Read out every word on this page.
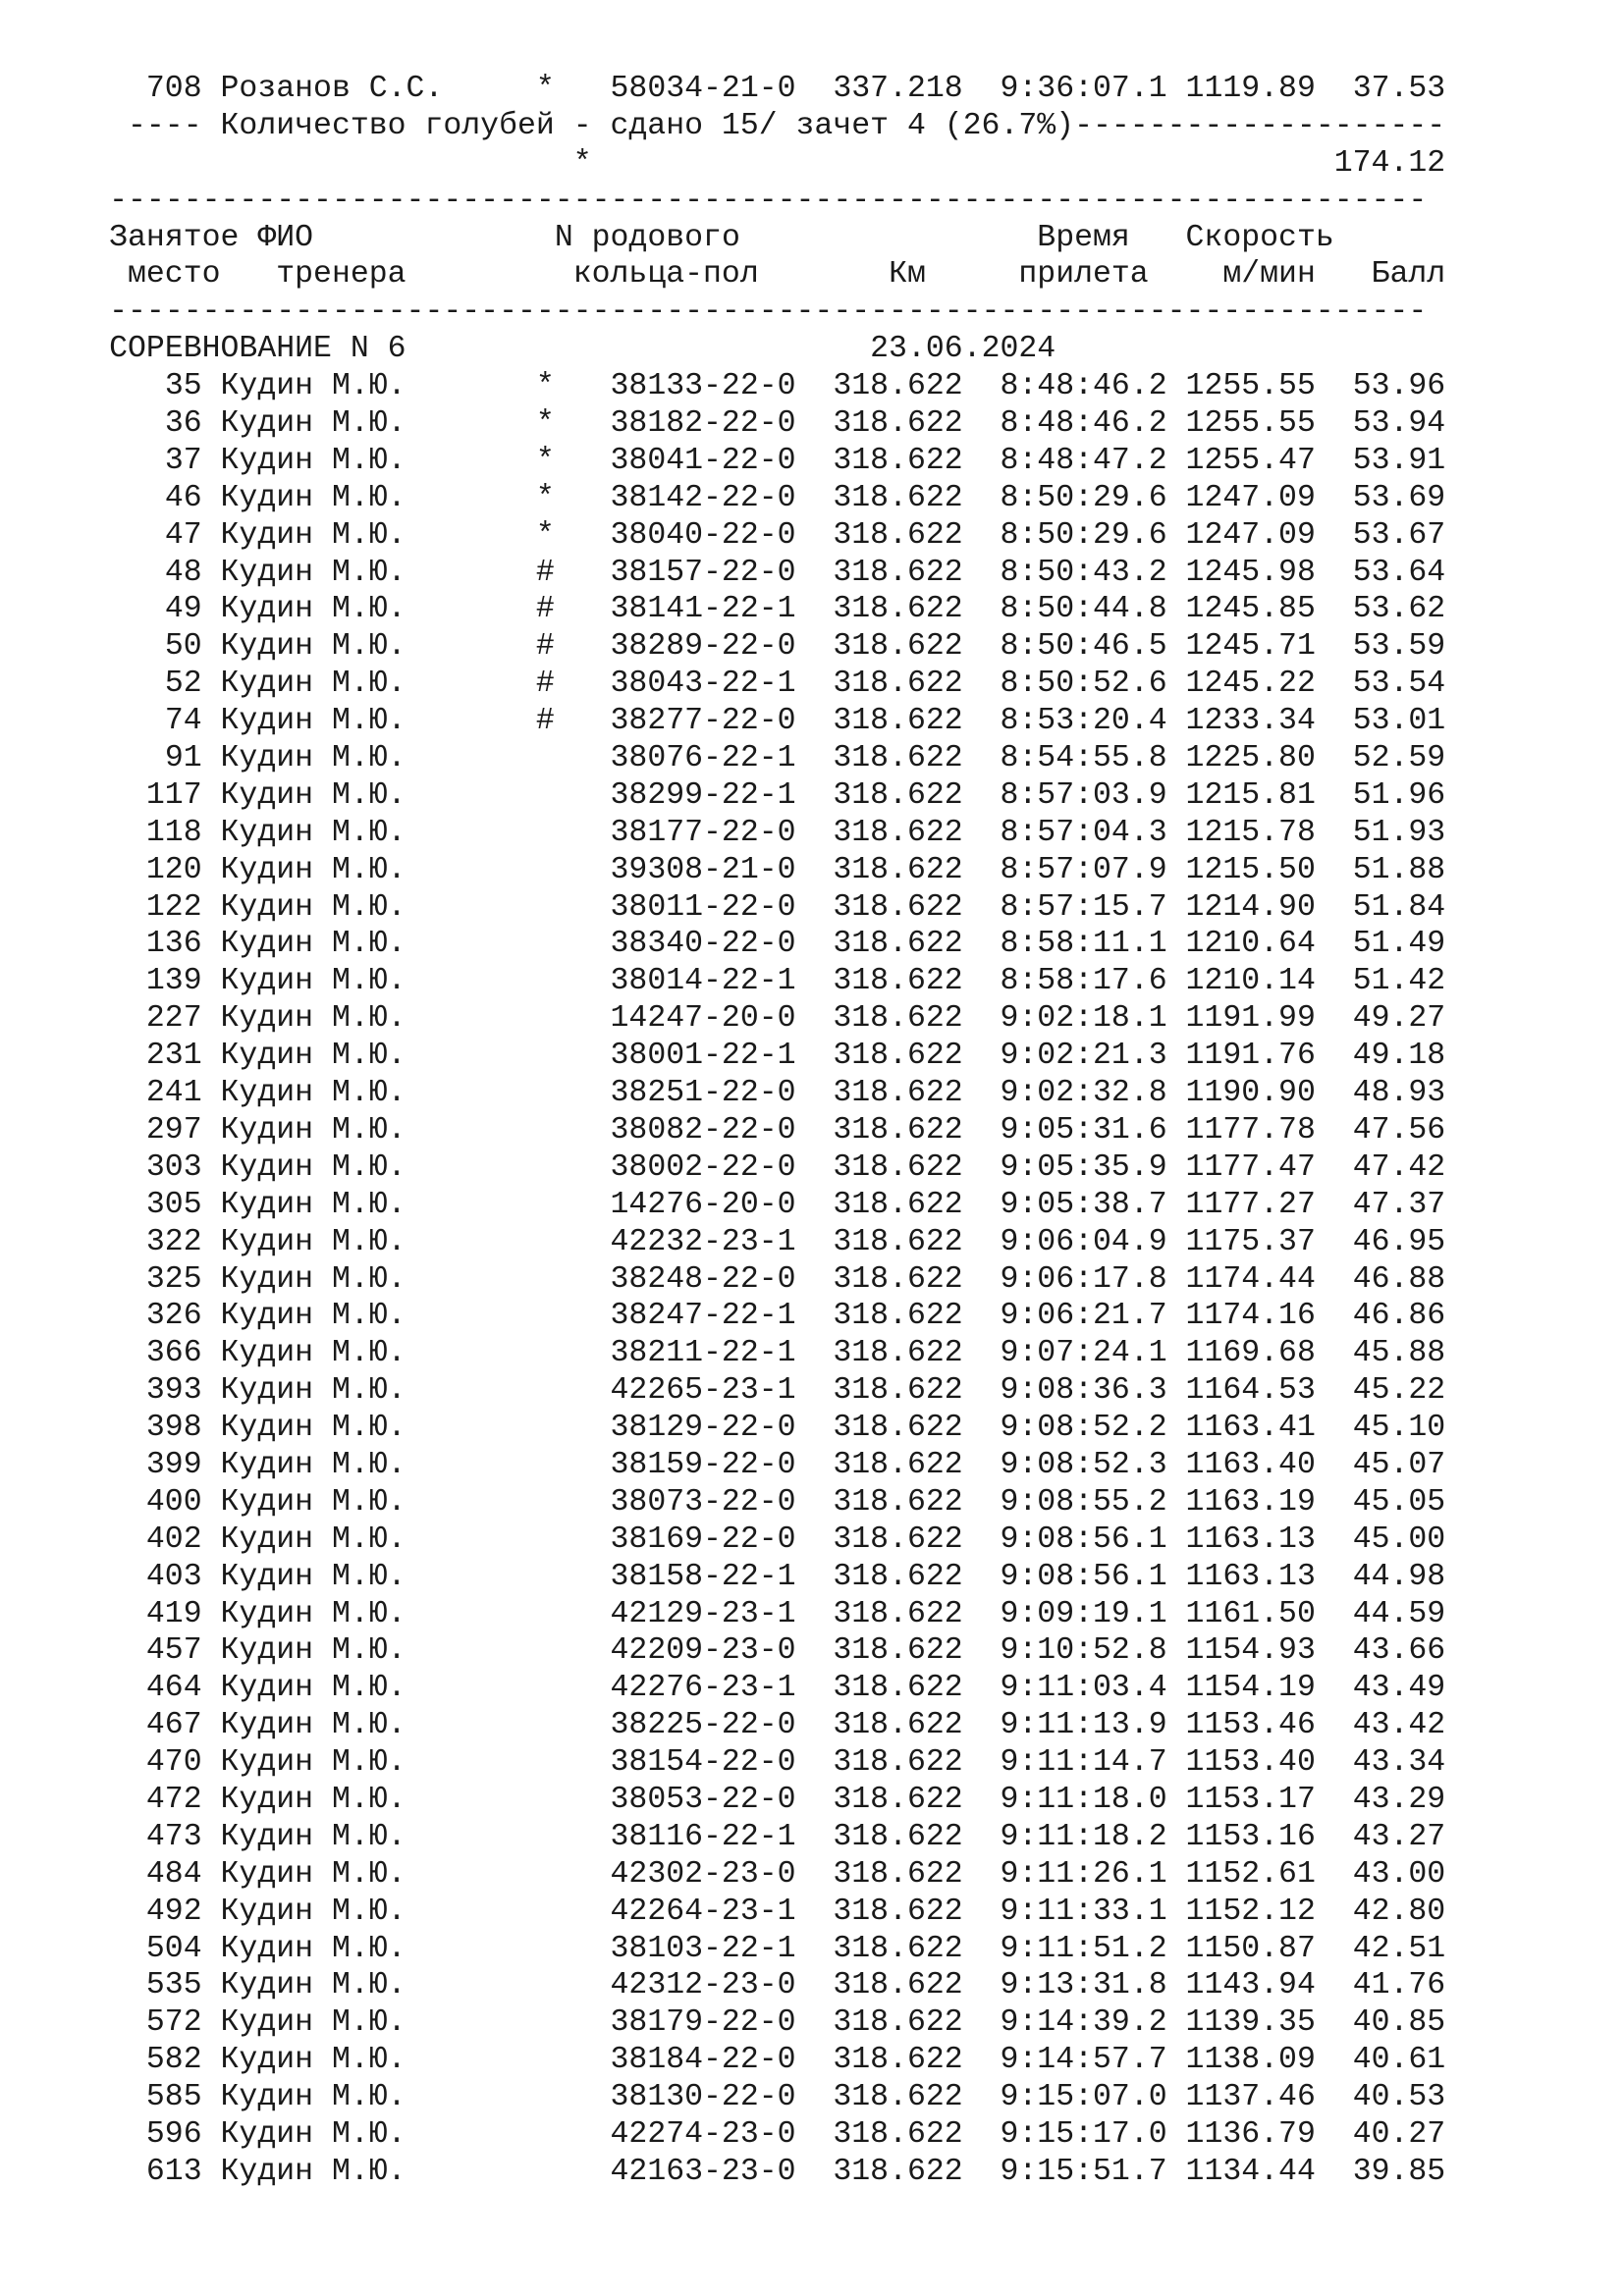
708 Розанов С.С.	* 58034-21-0 337.218 9:36:07.1 1119.89 37.53
---- Количество голубей - сдано 15/ зачет 4 (26.7%)--------------------
*	174.12
-----------------------------------------------------------------------
Занятое ФИО	N родового	Время Скорость
место тренера	кольца-пол	Км	прилета м/мин Балл
-----------------------------------------------------------------------
СОРЕВНОВАНИЕ N 6	23.06.2024
35 Кудин М.Ю.	* 38133-22-0 318.622 8:48:46.2 1255.55 53.96
36 Кудин М.Ю.	* 38182-22-0 318.622 8:48:46.2 1255.55 53.94
37 Кудин М.Ю.	* 38041-22-0 318.622 8:48:47.2 1255.47 53.91
46 Кудин М.Ю.	* 38142-22-0 318.622 8:50:29.6 1247.09 53.69
47 Кудин М.Ю.	* 38040-22-0 318.622 8:50:29.6 1247.09 53.67
48 Кудин М.Ю.	# 38157-22-0 318.622 8:50:43.2 1245.98 53.64
49 Кудин М.Ю.	# 38141-22-1 318.622 8:50:44.8 1245.85 53.62
50 Кудин М.Ю.	# 38289-22-0 318.622 8:50:46.5 1245.71 53.59
52 Кудин М.Ю.	# 38043-22-1 318.622 8:50:52.6 1245.22 53.54
74 Кудин М.Ю.	# 38277-22-0 318.622 8:53:20.4 1233.34 53.01
91 Кудин М.Ю.	38076-22-1 318.622 8:54:55.8 1225.80 52.59
117 Кудин М.Ю.	38299-22-1 318.622 8:57:03.9 1215.81 51.96
118 Кудин М.Ю.	38177-22-0 318.622 8:57:04.3 1215.78 51.93
120 Кудин М.Ю.	39308-21-0 318.622 8:57:07.9 1215.50 51.88
122 Кудин М.Ю.	38011-22-0 318.622 8:57:15.7 1214.90 51.84
136 Кудин М.Ю.	38340-22-0 318.622 8:58:11.1 1210.64 51.49
139 Кудин М.Ю.	38014-22-1 318.622 8:58:17.6 1210.14 51.42
227 Кудин М.Ю.	14247-20-0 318.622 9:02:18.1 1191.99 49.27
231 Кудин М.Ю.	38001-22-1 318.622 9:02:21.3 1191.76 49.18
241 Кудин М.Ю.	38251-22-0 318.622 9:02:32.8 1190.90 48.93
297 Кудин М.Ю.	38082-22-0 318.622 9:05:31.6 1177.78 47.56
303 Кудин М.Ю.	38002-22-0 318.622 9:05:35.9 1177.47 47.42
305 Кудин М.Ю.	14276-20-0 318.622 9:05:38.7 1177.27 47.37
322 Кудин М.Ю.	42232-23-1 318.622 9:06:04.9 1175.37 46.95
325 Кудин М.Ю.	38248-22-0 318.622 9:06:17.8 1174.44 46.88
326 Кудин М.Ю.	38247-22-1 318.622 9:06:21.7 1174.16 46.86
366 Кудин М.Ю.	38211-22-1 318.622 9:07:24.1 1169.68 45.88
393 Кудин М.Ю.	42265-23-1 318.622 9:08:36.3 1164.53 45.22
398 Кудин М.Ю.	38129-22-0 318.622 9:08:52.2 1163.41 45.10
399 Кудин М.Ю.	38159-22-0 318.622 9:08:52.3 1163.40 45.07
400 Кудин М.Ю.	38073-22-0 318.622 9:08:55.2 1163.19 45.05
402 Кудин М.Ю.	38169-22-0 318.622 9:08:56.1 1163.13 45.00
403 Кудин М.Ю.	38158-22-1 318.622 9:08:56.1 1163.13 44.98
419 Кудин М.Ю.	42129-23-1 318.622 9:09:19.1 1161.50 44.59
457 Кудин М.Ю.	42209-23-0 318.622 9:10:52.8 1154.93 43.66
464 Кудин М.Ю.	42276-23-1 318.622 9:11:03.4 1154.19 43.49
467 Кудин М.Ю.	38225-22-0 318.622 9:11:13.9 1153.46 43.42
470 Кудин М.Ю.	38154-22-0 318.622 9:11:14.7 1153.40 43.34
472 Кудин М.Ю.	38053-22-0 318.622 9:11:18.0 1153.17 43.29
473 Кудин М.Ю.	38116-22-1 318.622 9:11:18.2 1153.16 43.27
484 Кудин М.Ю.	42302-23-0 318.622 9:11:26.1 1152.61 43.00
492 Кудин М.Ю.	42264-23-1 318.622 9:11:33.1 1152.12 42.80
504 Кудин М.Ю.	38103-22-1 318.622 9:11:51.2 1150.87 42.51
535 Кудин М.Ю.	42312-23-0 318.622 9:13:31.8 1143.94 41.76
572 Кудин М.Ю.	38179-22-0 318.622 9:14:39.2 1139.35 40.85
582 Кудин М.Ю.	38184-22-0 318.622 9:14:57.7 1138.09 40.61
585 Кудин М.Ю.	38130-22-0 318.622 9:15:07.0 1137.46 40.53
596 Кудин М.Ю.	42274-23-0 318.622 9:15:17.0 1136.79 40.27
613 Кудин М.Ю.	42163-23-0 318.622 9:15:51.7 1134.44 39.85
